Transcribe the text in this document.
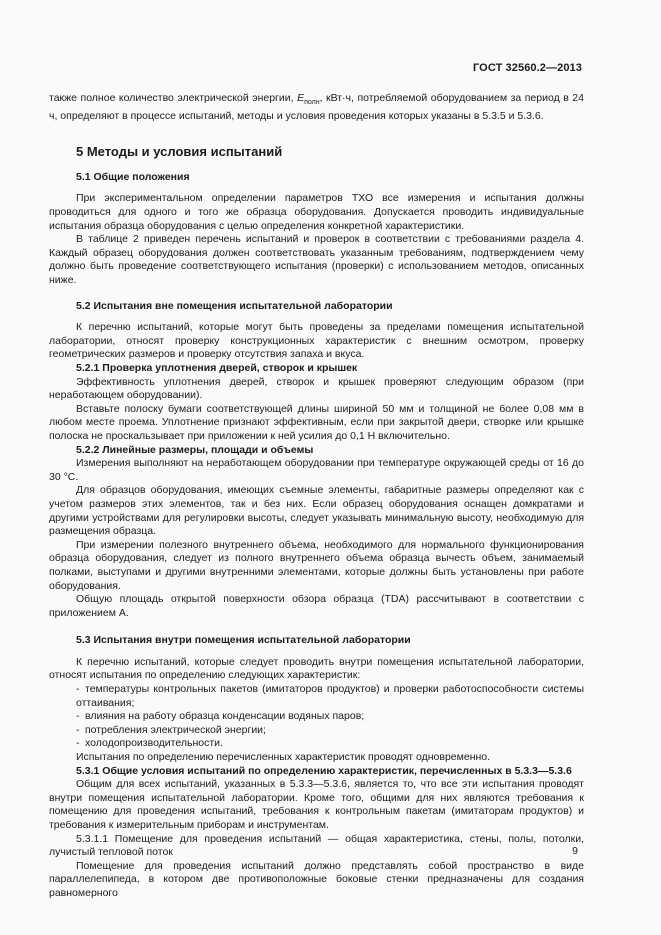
ГОСТ 32560.2—2013

также полное количество электрической энергии, $E_{полн}$, кВт·ч, потребляемой оборудованием за период в 24 ч, определяют в процессе испытаний, методы и условия проведения которых указаны в 5.3.5 и 5.3.6.

5 Методы и условия испытаний
5.1 Общие положения

При экспериментальном определении параметров ТХО все измерения и испытания должны проводиться для одного и того же образца оборудования. Допускается проводить индивидуальные испытания образца оборудования с целью определения конкретной характеристики.

В таблице 2 приведен перечень испытаний и проверок в соответствии с требованиями раздела 4. Каждый образец оборудования должен соответствовать указанным требованиям, подтверждением чему должно быть проведение соответствующего испытания (проверки) с использованием методов, описанных ниже.

5.2 Испытания вне помещения испытательной лаборатории

К перечню испытаний, которые могут быть проведены за пределами помещения испытательной лаборатории, относят проверку конструкционных характеристик с внешним осмотром, проверку геометрических размеров и проверку отсутствия запаха и вкуса.

5.2.1 Проверка уплотнения дверей, створок и крышек

Эффективность уплотнения дверей, створок и крышек проверяют следующим образом (при неработающем оборудовании).

Вставьте полоску бумаги соответствующей длины шириной 50 мм и толщиной не более 0,08 мм в любом месте проема. Уплотнение признают эффективным, если при закрытой двери, створке или крышке полоска не проскальзывает при приложении к ней усилия до 0,1 Н включительно.

5.2.2 Линейные размеры, площади и объемы

Измерения выполняют на неработающем оборудовании при температуре окружающей среды от 16 до 30 °С.

Для образцов оборудования, имеющих съемные элементы, габаритные размеры определяют как с учетом размеров этих элементов, так и без них. Если образец оборудования оснащен домкратами и другими устройствами для регулировки высоты, следует указывать минимальную высоту, необходимую для размещения образца.

При измерении полезного внутреннего объема, необходимого для нормального функционирования образца оборудования, следует из полного внутреннего объема образца вычесть объем, занимаемый полками, выступами и другими внутренними элементами, которые должны быть установлены при работе оборудования.

Общую площадь открытой поверхности обзора образца (TDA) рассчитывают в соответствии с приложением А.

5.3 Испытания внутри помещения испытательной лаборатории

К перечню испытаний, которые следует проводить внутри помещения испытательной лаборатории, относят испытания по определению следующих характеристик:

- температуры контрольных пакетов (имитаторов продуктов) и проверки работоспособности системы оттаивания;

- влияния на работу образца конденсации водяных паров;

- потребления электрической энергии;

- холодопроизводительности.

Испытания по определению перечисленных характеристик проводят одновременно.

5.3.1 Общие условия испытаний по определению характеристик, перечисленных в 5.3.3—5.3.6

Общим для всех испытаний, указанных в 5.3.3—5.3.6, является то, что все эти испытания проводят внутри помещения испытательной лаборатории. Кроме того, общими для них являются требования к помещению для проведения испытаний, требования к контрольным пакетам (имитаторам продуктов) и требования к измерительным приборам и инструментам.

5.3.1.1 Помещение для проведения испытаний — общая характеристика, стены, полы, потолки, лучистый тепловой поток

Помещение для проведения испытаний должно представлять собой пространство в виде параллелепипеда, в котором две противоположные боковые стенки предназначены для создания равномерного

9
